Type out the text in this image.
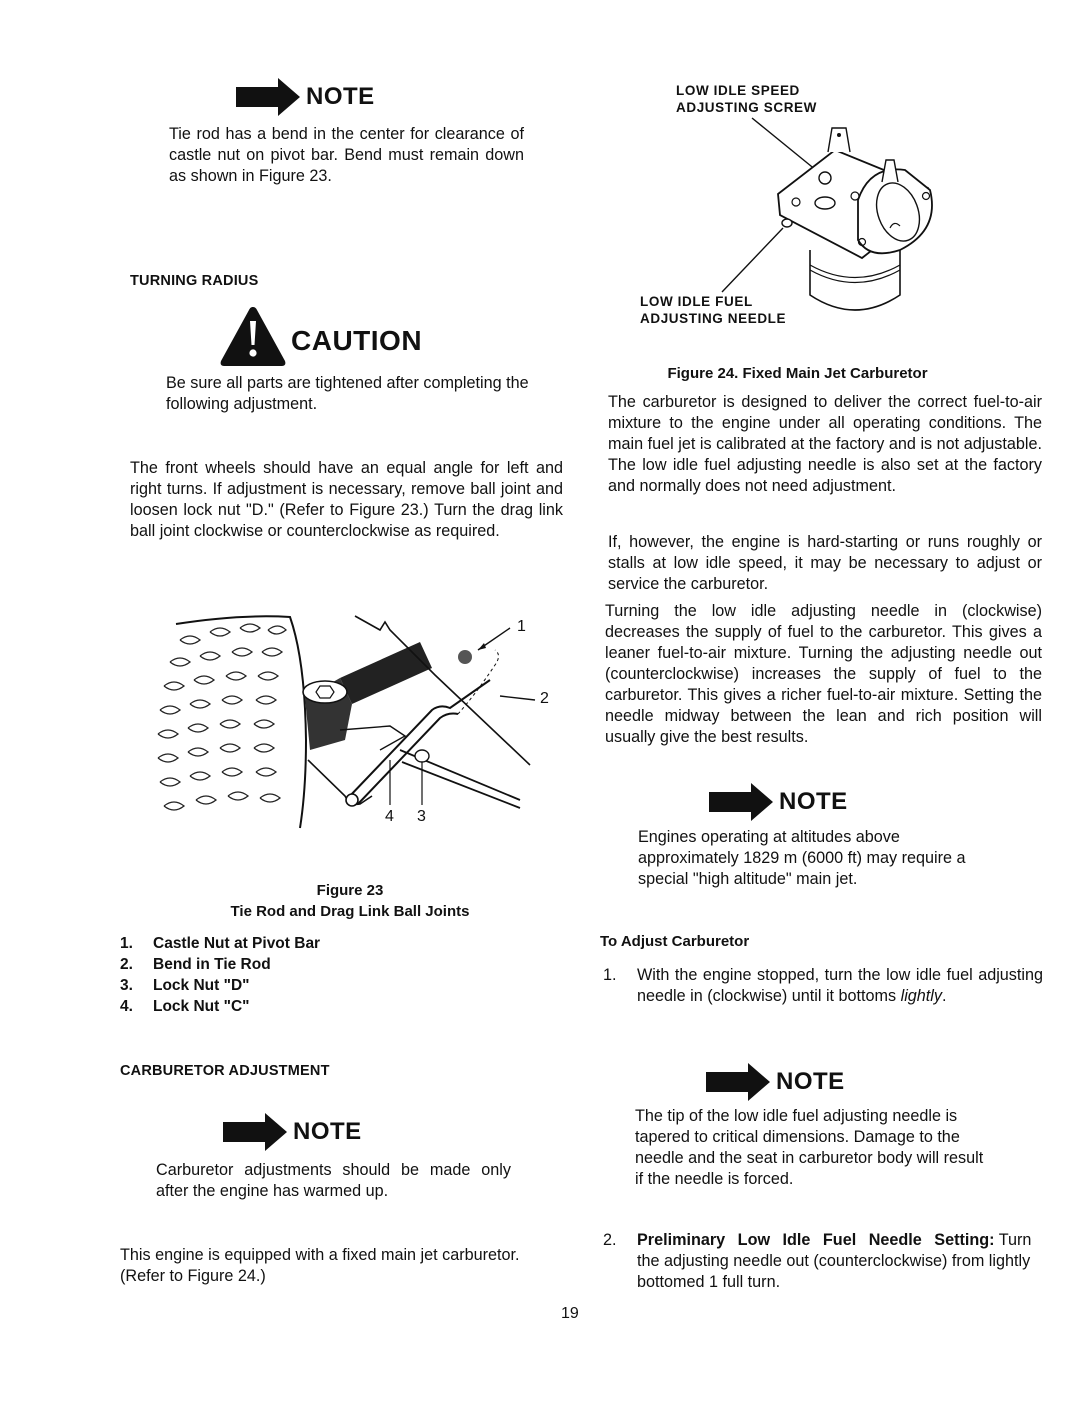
NOTE

Tie rod has a bend in the center for clearance of castle nut on pivot bar. Bend must remain down as shown in Figure 23.

TURNING RADIUS
CAUTION

Be sure all parts are tightened after completing the following adjustment.

The front wheels should have an equal angle for left and right turns. If adjustment is necessary, remove ball joint and loosen lock nut "D." (Refer to Figure 23.) Turn the drag link ball joint clockwise or counterclockwise as required.

1
2
3
4
Figure 23
Tie Rod and Drag Link Ball Joints
1.	Castle Nut at Pivot Bar
2.	Bend in Tie Rod
3.	Lock Nut "D"
4.	Lock Nut "C"
CARBURETOR ADJUSTMENT
NOTE

Carburetor adjustments should be made only after the engine has warmed up.

This engine is equipped with a fixed main jet carburetor. (Refer to Figure 24.)

LOW IDLE SPEED
ADJUSTING SCREW
LOW IDLE FUEL
ADJUSTING NEEDLE
Figure 24. Fixed Main Jet Carburetor

The carburetor is designed to deliver the correct fuel-to-air mixture to the engine under all operating conditions. The main fuel jet is calibrated at the factory and is not adjustable. The low idle fuel adjusting needle is also set at the factory and normally does not need adjustment.

If, however, the engine is hard-starting or runs roughly or stalls at low idle speed, it may be necessary to adjust or service the carburetor.

Turning the low idle adjusting needle in (clockwise) decreases the supply of fuel to the carburetor. This gives a leaner fuel-to-air mixture. Turning the adjusting needle out (counterclockwise) increases the supply of fuel to the carburetor. This gives a richer fuel-to-air mixture. Setting the needle midway between the lean and rich position will usually give the best results.

NOTE

Engines operating at altitudes above approximately 1829 m (6000 ft) may require a special "high altitude" main jet.

To Adjust Carburetor
1.	With the engine stopped, turn the low idle fuel adjusting needle in (clockwise) until it bottoms lightly.
NOTE

The tip of the low idle fuel adjusting needle is tapered to critical dimensions. Damage to the needle and the seat in carburetor body will result if the needle is forced.

2.	Preliminary Low Idle Fuel Needle Setting: Turn the adjusting needle out (counterclockwise) from lightly bottomed 1 full turn.
19
